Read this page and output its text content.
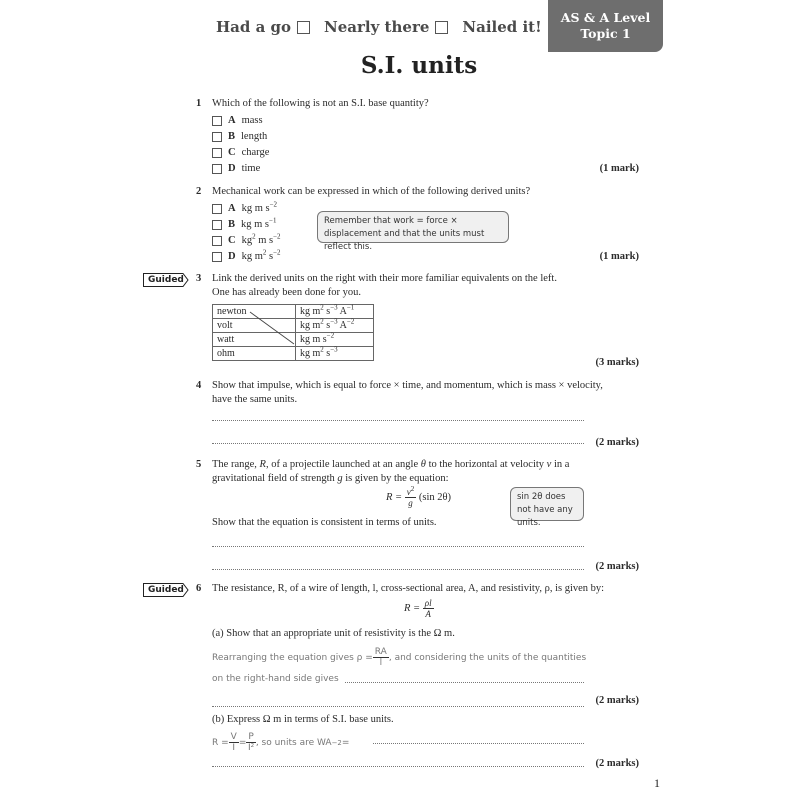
Had a go Nearly there Nailed it!
AS & A Level
Topic 1
S.I. units
1 Which of the following is not an S.I. base quantity?
A mass
B length
C charge
D time	(1 mark)
2 Mechanical work can be expressed in which of the following derived units?
A kg m $s^{-2}$
B kg m $s^{-1}$
C $kg^2$ m $s^{-2}$
D kg $m^2$ $s^{-2}$
Remember that work = force × displacement and that the units must reflect this.
(1 mark)
Guided 3 Link the derived units on the right with their more familiar equivalents on the left.
One has already been done for you.
newton	kg $m^2$ $s^{-3}$ $A^{-1}$
volt	kg $m^2$ $s^{-3}$ $A^{-2}$
watt	kg m $s^{-2}$
ohm	kg $m^2$ $s^{-3}$
(3 marks)
4 Show that impulse, which is equal to force × time, and momentum, which is mass × velocity,
have the same units.
(2 marks)
5 The range, R, of a projectile launched at an angle θ to the horizontal at velocity v in a
gravitational field of strength g is given by the equation:
R =
$\frac{v^2}{g}$
(sin 2θ)
Show that the equation is consistent in terms of units.
sin 2θ does not have any units.
(2 marks)
Guided 6 The resistance, R, of a wire of length, l, cross-sectional area, A, and resistivity, ρ, is given by:
R =
$\frac{\rho l}{A}$
(a) Show that an appropriate unit of resistivity is the Ω m.
Rearranging the equation gives $\rho = \frac{RA}{l}$ , and considering the units of the quantities
on the right-hand side gives
(2 marks)
(b) Express Ω m in terms of S.I. base units.
$R = \frac{V}{I} = \frac{P}{\text{I²}}$ , so units are WA −2 =
(2 marks)
1
